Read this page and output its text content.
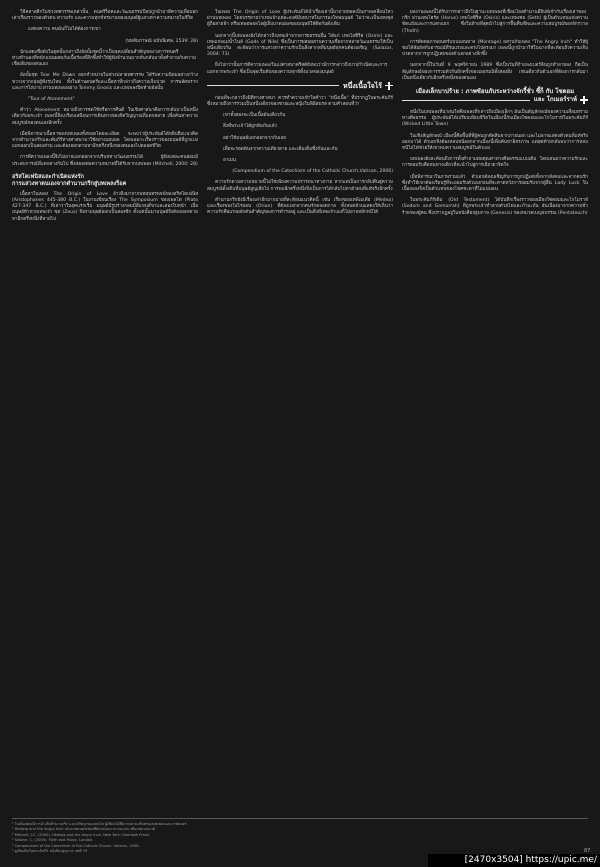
วิธีคลาสสิกในช่วงทศวรรษเหล่านั้น ดนตรีร็อคและวัฒนธรรมป๊อปถูกนำมาตีความเพื่อบอกเล่าเรื่องราวของตัวตน ความรัก และความทุกข์ทรมานของมนุษย์ผู้แสวงหาความหมายในชีวิต

แสดงความ คนฉันก็ไม่ได้ต้องการเขา

(บทสัมภาษณ์ ฉบับพิเศษ, 2539: 28)

นักแสดงชื่อดังในยุคนั้นกล่าวถึงอัลบั้มชุดนี้ว่าเป็นจุดเปลี่ยนสำคัญของวงการดนตรี ท่วงทำนองที่หนักแน่นผสมกับเนื้อร้องที่ลึกซึ้งทำให้ผู้ฟังจำนวนมากหันกลับมาตั้งคำถามกับความเชื่อเดิมของตนเอง

อัลบั้มชุด Tear Me Down ออกจำหน่ายในช่วงปลายทศวรรษ ได้รับความนิยมอย่างกว้างขวางจากกลุ่มผู้ฟังรุ่นใหม่ ทั้งในด้านดนตรีและเนื้อหาที่กล่าวถึงความเจ็บปวด การพลัดพราก และการไถ่บาป ผ่านบทเพลงอย่าง Tommy Gnosis และบทเพลงปิดท้ายอัลบั้ม

"Tour of Atonement"

คำว่า Atonement หมายถึงการชดใช้หรือการคืนดี ในเชิงศาสนาคือการกลับมาเป็นหนึ่งเดียวกับพระเจ้า เพลงนี้จึงเปรียบเสมือนการเดินทางของจิตวิญญาณที่แตกสลาย เพื่อค้นหาความสมบูรณ์ของตนเองอีกครั้ง

เมื่อพิจารณาเนื้อหาของบทเพลงทั้งหมดโดยละเอียด จะพบว่าผู้ประพันธ์ได้หยิบยืมแนวคิดจากตำนานกรีกและคัมภีร์ทางศาสนามาใช้อย่างแยบยล โดยเฉพาะเรื่องราวของมนุษย์ที่ถูกแบ่งแยกออกเป็นสองส่วน และต้องออกตามหาอีกครึ่งหนึ่งของตนเองไปตลอดชีวิต

การตีความเพลงนี้จึงไม่อาจแยกออกจากบริบททางวัฒนธรรมได้ ผู้ฟังแต่ละคนย่อมมีประสบการณ์ที่แตกต่างกันไป ซึ่งส่งผลต่อความหมายที่ได้รับจากบทเพลง (Mitchell, 2000: 28)

อริสโตเฟนิสและกำเนิดแห่งรัก
การแสวงหาตนเองจากตำนานกรีกสู่บทเพลงร็อค

เนื้อหาในเพลง The Origin of Love อ้างอิงมาจากบทสุนทรพจน์ของอริสโตเฟนิส (Aristophanes 445-380 B.C.) ในงานเขียนเรื่อง The Symposium ของเพลโต (Plato 427-347 B.C.) ที่เล่าว่าในยุคแรกเริ่ม มนุษย์มีรูปร่างกลมมีสี่แขนสี่ขาและสองใบหน้า เมื่อมนุษย์ท้าทายเทพเจ้า ซุส (Zeus) จึงผ่ามนุษย์ออกเป็นสองซีก ตั้งแต่นั้นมามนุษย์จึงต้องออกตามหาอีกครึ่งหนึ่งที่หายไป

ในเพลง The Origin of Love ผู้ประพันธ์ได้นำเรื่องเล่านี้มาถ่ายทอดเป็นภาพเคลื่อนไหวผ่านบทเพลง โดยบรรยายว่าเทพเจ้าแต่ละองค์มีบทบาทในการลงโทษมนุษย์ ไม่ว่าจะเป็นเทพซุส ผู้ถือสายฟ้า หรือเทพอพอลโลผู้เย็บบาดแผลของมนุษย์ให้ติดกันดังเดิม

นอกจากนี้บทเพลงยังได้กล่าวถึงเทพเจ้าจากอารยธรรมอื่น ได้แก่ เทพโอซิริส (Osiris) และเทพแห่งแม่น้ำไนล์ (Gods of Nile) ซึ่งเป็นการผสมผสานความเชื่อจากหลายวัฒนธรรมให้เป็นหนึ่งเดียวกัน สะท้อนว่าการแสวงหาความรักเป็นสิ่งสากลที่มนุษย์ทุกคนต้องเผชิญ (Salazar, 2004: 73)

ยิ่งไปกว่านั้นการตีความเพลงในแง่ศาสนาคริสต์ยังพบว่ามีการกล่าวถึงบาปกำเนิดและการแยกจากพระเจ้า ซึ่งเป็นจุดเริ่มต้นของความทุกข์ทั้งมวลของมนุษย์

หนึ่งเนื้อใจไร้

ก่อนที่จะกล่าวถึงมิติทางศาสนา ควรทำความเข้าใจคำว่า "หนึ่งเนื้อ" ที่ปรากฏในพระคัมภีร์ ซึ่งหมายถึงการรวมเป็นหนึ่งเดียวของชายและหญิงในพิธีสมรส ตามคำสอนที่ว่า

เขาทั้งสองจะเป็นเนื้ออันเดียวกัน

สิ่งที่พระเจ้าได้ผูกพันกันแล้ว

อย่าให้มนุษย์แยกออกจากกันเลย

เพื่อจะรอดพ้นจากความเดียวดาย และเติมเต็มซึ่งกันและกัน

อาเมน

(Compendium of the Catechism of the Catholic Church,Vatican, 2006)

ความรักตามความหมายนี้ไม่ใช่เพียงความปรารถนาทางกาย หากแต่เป็นการกลับคืนสู่ความสมบูรณ์ดั้งเดิมที่มนุษย์สูญเสียไป การพบอีกครึ่งหนึ่งจึงเป็นการได้กลับไปหาตัวตนที่แท้จริงอีกครั้ง

ตำนานกรีกยังมีเรื่องเล่าอีกมากมายที่สะท้อนแนวคิดนี้ เช่น เรื่องของเทพีเมเดีย (Medea) และเรื่องของโอไรออน (Orion) ที่ต้องแยกจากคนรักตลอดกาล ทั้งหมดล้วนแสดงให้เห็นว่าความรักคือแรงผลักดันสำคัญของการดำรงอยู่ และเป็นสิ่งที่เทพเจ้าเองก็ไม่อาจหลีกหนีได้

ผลงานเพลงนี้ได้รับการกล่าวถึงในฐานะบทเพลงที่เชื่อมโยงตำนานอียิปต์เข้ากับเรื่องเล่าของกรีก ผ่านเทพโฮรัส (Horus) เทพโอซิริส (Osiris) และเทพเซธ (Seth) ผู้เป็นตัวแทนแห่งความขัดแย้งและการแตกแยก ซึ่งในท้ายที่สุดนำไปสู่การฟื้นคืนชีพและความสมบูรณ์ของจักรวาล (Thoth)

การตัดต่อภาพยนตร์แบบมอนทาจ (Montage) ผสานกับเพลง "The Angry Inch" ทำให้ผู้ชมได้สัมผัสกับอารมณ์ที่รุนแรงและตรงไปตรงมา เพลงนี้ถูกนำมาใช้ในฉากที่สะท้อนถึงความเจ็บปวดจากการถูกปฏิเสธของตัวเอกอย่างลึกซึ้ง

นอกจากนี้ในวันที่ 9 พฤศจิกายน 1989 ซึ่งเป็นวันที่กำแพงเบอร์ลินถูกทำลายลง ถือเป็นสัญลักษณ์ของการรวมตัวกันอีกครั้งของเยอรมนีทั้งสองฝั่ง เช่นเดียวกับตัวเอกที่ต้องการกลับมาเป็นหนึ่งเดียวกับอีกครึ่งหนึ่งของตนเอง

เมืองเล็กบาปร้าย : ภาพซ้อนกับระหว่างจักรี้ชั่ว ซี้ก็ กับ โซดอม
และ โกเมอร์ราห์

หนึ่งในบทเพลงที่น่าสนใจคือเพลงที่กล่าวถึงเมืองเล็กๆ อันเป็นสัญลักษณ์ของความเสื่อมทรามทางศีลธรรม ผู้ประพันธ์ได้เปรียบเทียบชีวิตในเมืองนี้กับเมืองโซดอมและโกโมราห์ในพระคัมภีร์ (Wicked Little Town)

ในเชิงสัญลักษณ์ เมืองนี้คือพื้นที่ที่ผู้คนถูกตัดสินจากภายนอก และไม่อาจแสดงตัวตนที่แท้จริงออกมาได้ ตัวเอกจึงต้องหลบหนีออกจากเมืองนี้เพื่อค้นหาอิสรภาพ แต่สุดท้ายกลับพบว่าการหลบหนีไม่ได้ช่วยให้เขาพบความสมบูรณ์ในตัวเอง

บทเพลงยังสะท้อนถึงการตั้งคำถามต่อคุณค่าทางศีลธรรมแบบเดิม โดยเสนอว่าความรักและการยอมรับคือหนทางเดียวที่จะนำไปสู่การเยียวยาจิตใจ

เมื่อพิจารณาในภาพรวมแล้ว ตัวเอกต้องเผชิญกับการถูกปฏิเสธทั้งจากสังคมและจากคนรัก ซึ่งทำให้เขาต้องเรียนรู้ที่จะยอมรับตัวเองก่อนที่จะคาดหวังการยอมรับจากผู้อื่น Lady Luck ในเนื้อเพลงจึงเป็นตัวแทนของโชคชะตาที่ไม่แน่นอน

ในพระคัมภีร์เดิม (Old Testament) ได้บันทึกเรื่องราวของเมืองโซดอมและโกโมราห์ (Sodom and Gomorrah) ที่ถูกพระเจ้าทำลายด้วยไฟและกำมะถัน อันเนื่องมาจากความชั่วร้ายของผู้คน ซึ่งปรากฏอยู่ในหนังสือปฐมกาล (Genesis) ของหมวดเบญจบรรณ (Pentateuch)

¹ ในเนื้อเพลงมีการอ้างถึงตำนานกรีก และปรัชญาของเพลโต ผู้เขียนได้ตีความตามบริบทของบทเพลงและภาพยนตร์
² Hedwig and the Angry Inch เป็นภาพยนตร์เพลงที่ดัดแปลงมาจากละครเวทีออฟบรอดเวย์
³ Mitchell, J.C. (2000). Hedwig and the Angry Inch. New York: Overlook Press.
⁴ Salazar, L. (2004). Myth and Music. London.
⁵ Compendium of the Catechism of the Catholic Church. Vatican, 2006.
⁶ ดูเพิ่มเติมในพระคัมภีร์ หนังสือปฐมกาล บทที่ 19	87
[2470x3504] https://upic.me/
